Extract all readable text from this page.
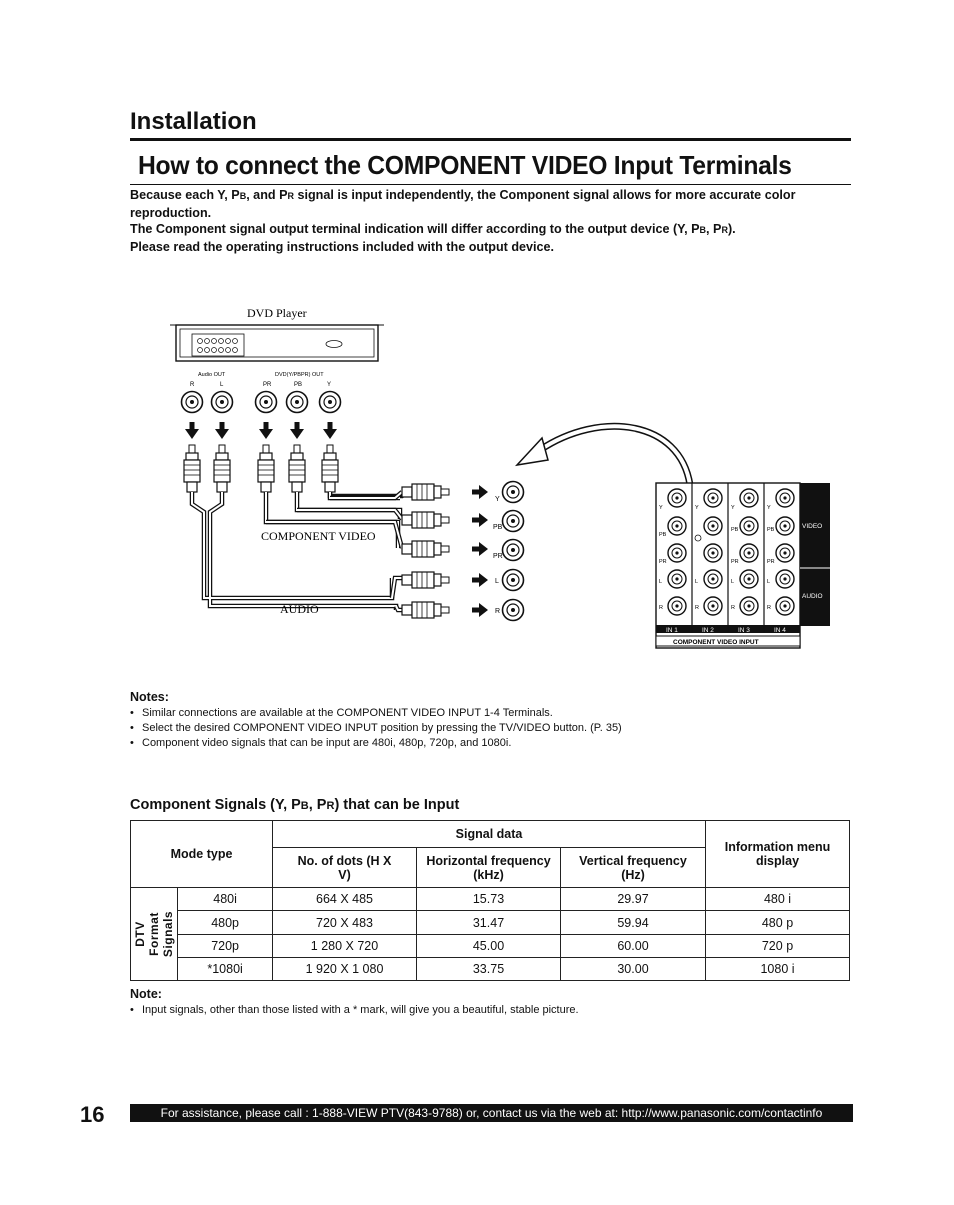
Installation
How to connect the COMPONENT VIDEO Input Terminals
Because each Y, PB, and PR signal is input independently, the Component signal allows for more accurate color reproduction.
The Component signal output terminal indication will differ according to the output device (Y, PB, PR).
Please read the operating instructions included with the output device.
DVD Player
Audio OUT	DVD(Y/PBPR) OUT
R	L	PR	PB	Y
COMPONENT VIDEO
AUDIO
Y
PB
PR
L
R
VIDEO
AUDIO
IN 1	IN 2	IN 3	IN 4
COMPONENT VIDEO INPUT
Y
PB
PR
L
R
Y
L
R
Y
PB
PR
L
R
Y
PB
PR
L
R
Notes:
• Similar connections are available at the COMPONENT VIDEO INPUT 1-4 Terminals.
• Select the desired COMPONENT VIDEO INPUT position by pressing the TV/VIDEO button. (P. 35)
• Component video signals that can be input are 480i, 480p, 720p, and 1080i.
Component Signals (Y, PB, PR) that can be Input
Mode type		Signal data			Information menu display
		No. of dots (H X V)	Horizontal frequency (kHz)	Vertical frequency (Hz)	

DTV Format Signals	480i	664 X 485	15.73	29.97	480 i
	480p	720 X 483	31.47	59.94	480 p
	720p	1 280 X 720	45.00	60.00	720 p
	*1080i	1 920 X 1 080	33.75	30.00	1080 i
Note:

• Input signals, other than those listed with a * mark, will give you a beautiful, stable picture.

16	For assistance, please call : 1-888-VIEW PTV(843-9788) or, contact us via the web at: http://www.panasonic.com/contactinfo
